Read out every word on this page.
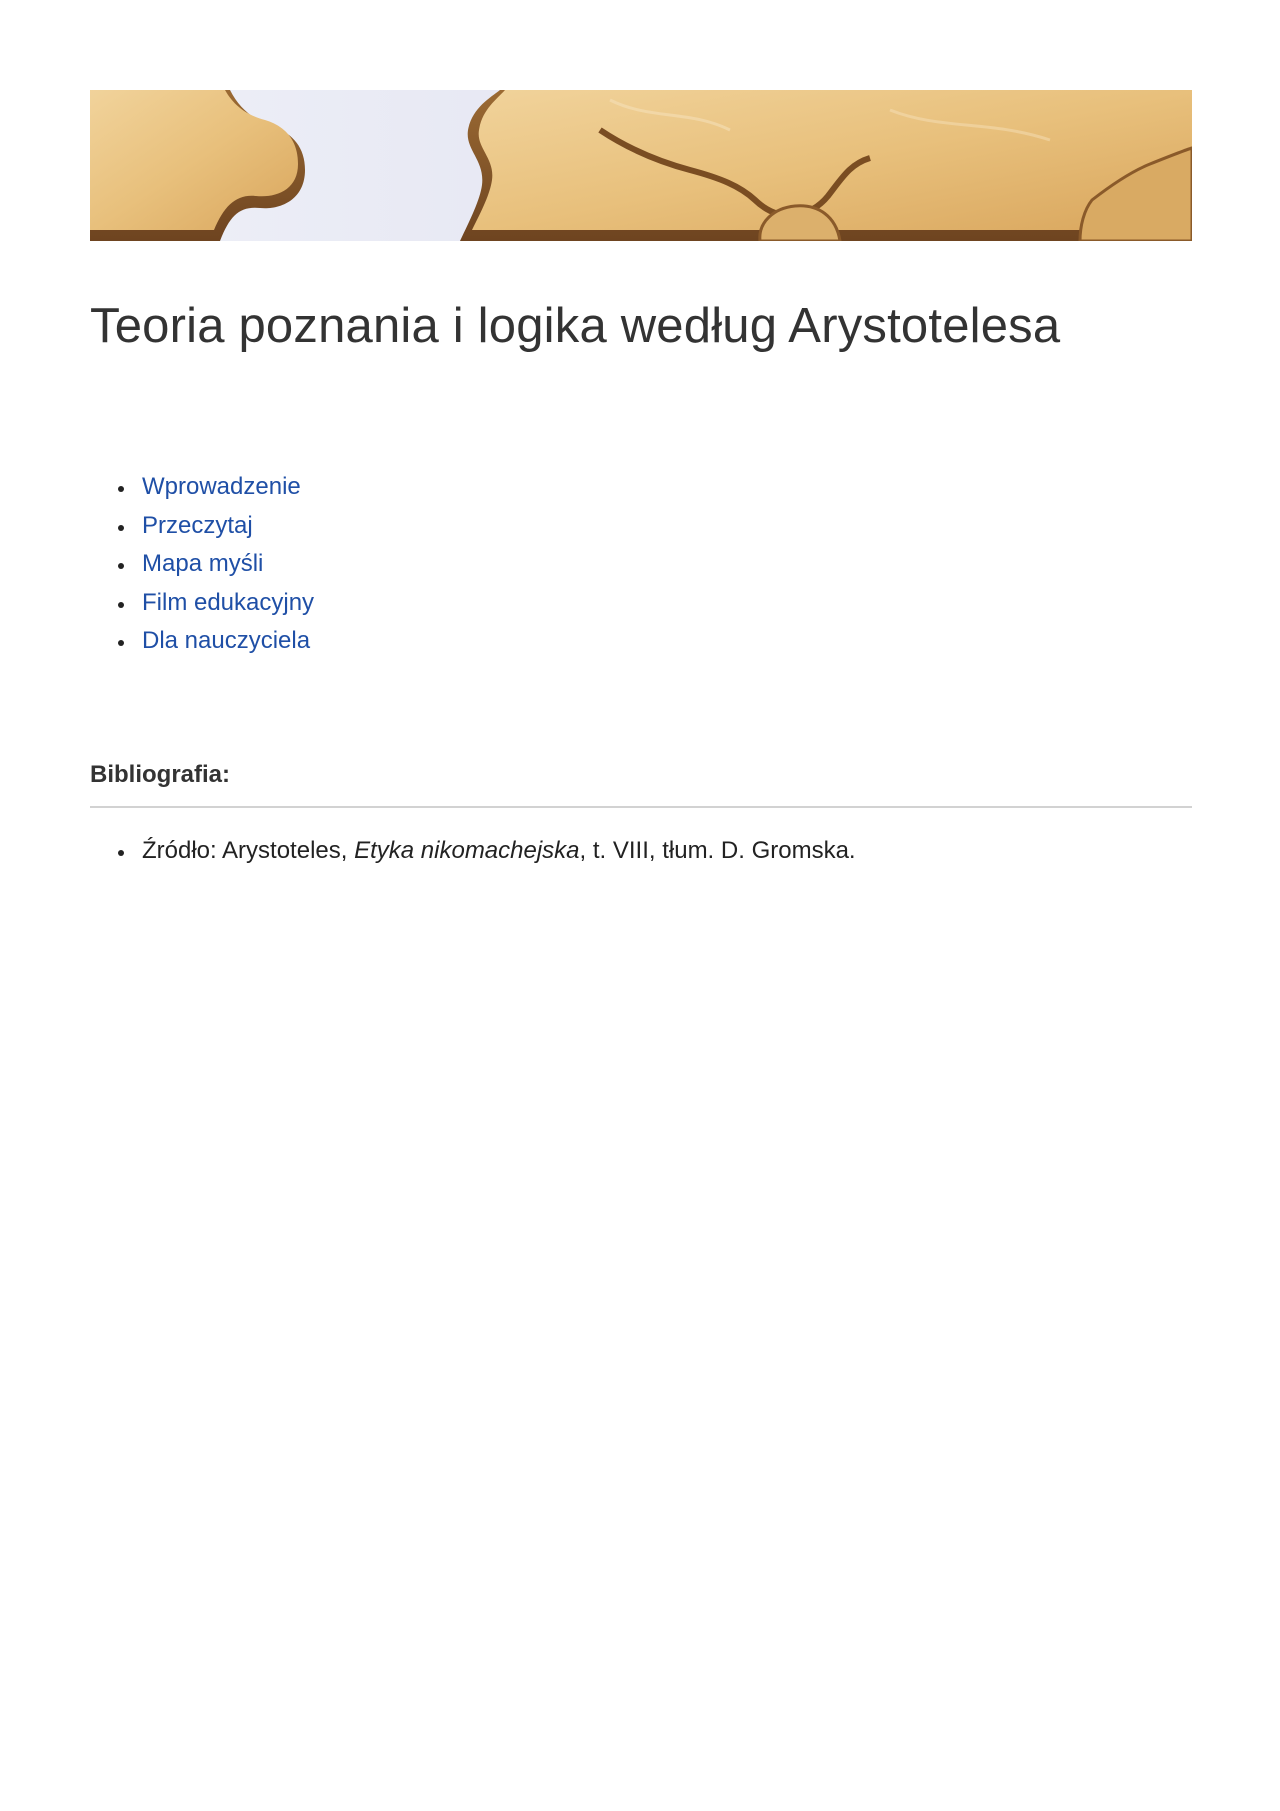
Teoria poznania i logika według Arystotelesa
Wprowadzenie
Przeczytaj
Mapa myśli
Film edukacyjny
Dla nauczyciela
Bibliografia:
Źródło: Arystoteles, Etyka nikomachejska, t. VIII, tłum. D. Gromska.
